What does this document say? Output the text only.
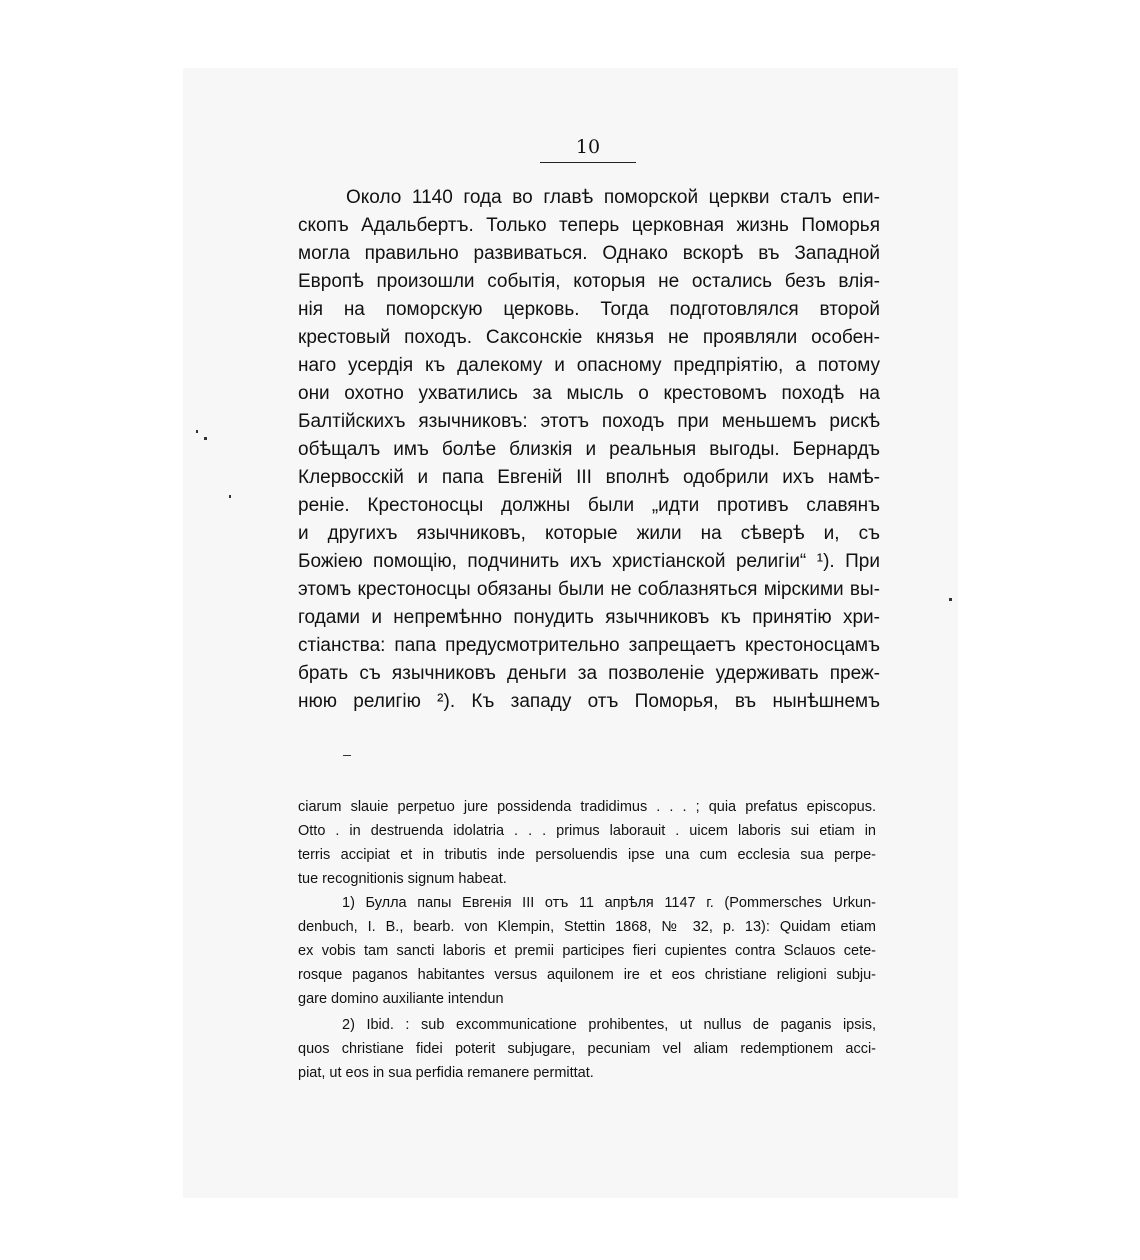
10

Около 1140 года во главѣ поморской церкви сталъ епи-

скопъ Адальбертъ. Только теперь церковная жизнь Поморья

могла правильно развиваться. Однако вскорѣ въ Западной

Европѣ произошли событія, которыя не остались безъ влія-

нія на поморскую церковь. Тогда подготовлялся второй

крестовый походъ. Саксонскіе князья не проявляли особен-

наго усердія къ далекому и опасному предпріятію, а потому

они охотно ухватились за мысль о крестовомъ походѣ на

Балтійскихъ язычниковъ: этотъ походъ при меньшемъ рискѣ

обѣщалъ имъ болѣе близкія и реальныя выгоды. Бернардъ

Клервосскій и папа Евгеній III вполнѣ одобрили ихъ намѣ-

реніе. Крестоносцы должны были „идти противъ славянъ

и другихъ язычниковъ, которые жили на сѣверѣ и, съ

Божіею помощію, подчинить ихъ христіанской религіи“ ¹). При

этомъ крестоносцы обязаны были не соблазняться мірскими вы-

годами и непремѣнно понудить язычниковъ къ принятію хри-

стіанства: папа предусмотрительно запрещаетъ крестоносцамъ

брать съ язычниковъ деньги за позволеніе удерживать преж-

нюю религію ²). Къ западу отъ Поморья, въ нынѣшнемъ

ciarum slauie perpetuo jure possidenda tradidimus . . . ; quia prefatus episcopus.

Otto . in destruenda idolatria . . . primus laborauit . uicem laboris sui etiam in

terris accipiat et in tributis inde persoluendis ipse una cum ecclesia sua perpe-

tue recognitionis signum habeat.

1) Булла папы Евгенія III отъ 11 апрѣля 1147 г. (Pommersches Urkun-

denbuch, I. B., bearb. von Klempin, Stettin 1868, № 32, p. 13): Quidam etiam

ex vobis tam sancti laboris et premii participes fieri cupientes contra Sclauos cete-

rosque paganos habitantes versus aquilonem ire et eos christiane religioni subju-

gare domino auxiliante intendun

2) Ibid. : sub excommunicatione prohibentes, ut nullus de paganis ipsis,

quos christiane fidei poterit subjugare, pecuniam vel aliam redemptionem acci-

piat, ut eos in sua perfidia remanere permittat.
